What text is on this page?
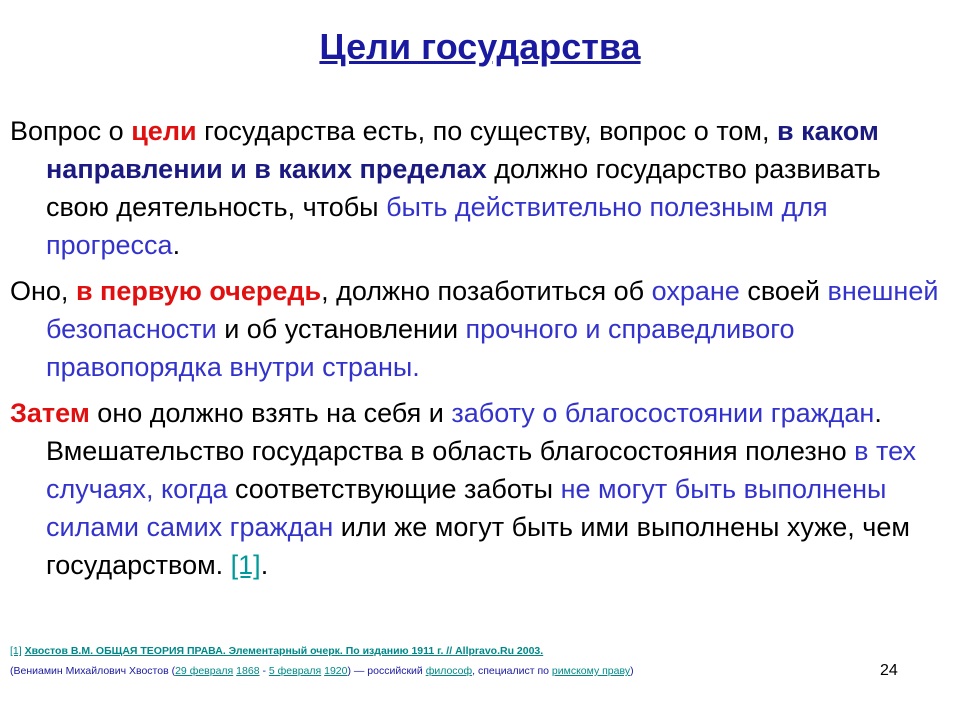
Цели государства

Вопрос о цели государства есть, по существу, вопрос о том, в каком направлении и в каких пределах должно государство развивать свою деятельность, чтобы быть действительно полезным для прогресса.

Оно, в первую очередь, должно позаботиться об охране своей внешней безопасности и об установлении прочного и справедливого правопорядка внутри страны.

Затем оно должно взять на себя и заботу о благосостоянии граждан. Вмешательство государства в область благосостояния полезно в тех случаях, когда соответствующие заботы не могут быть выполнены силами самих граждан или же могут быть ими выполнены хуже, чем государством. [1].

[1] Хвостов В.М. ОБЩАЯ ТЕОРИЯ ПРАВА. Элементарный очерк. По изданию 1911 г. // Allpravo.Ru 2003.
(Вениамин Михайлович Хвостов (29 февраля 1868 - 5 февраля 1920) — российский философ, специалист по римскому праву)	24
